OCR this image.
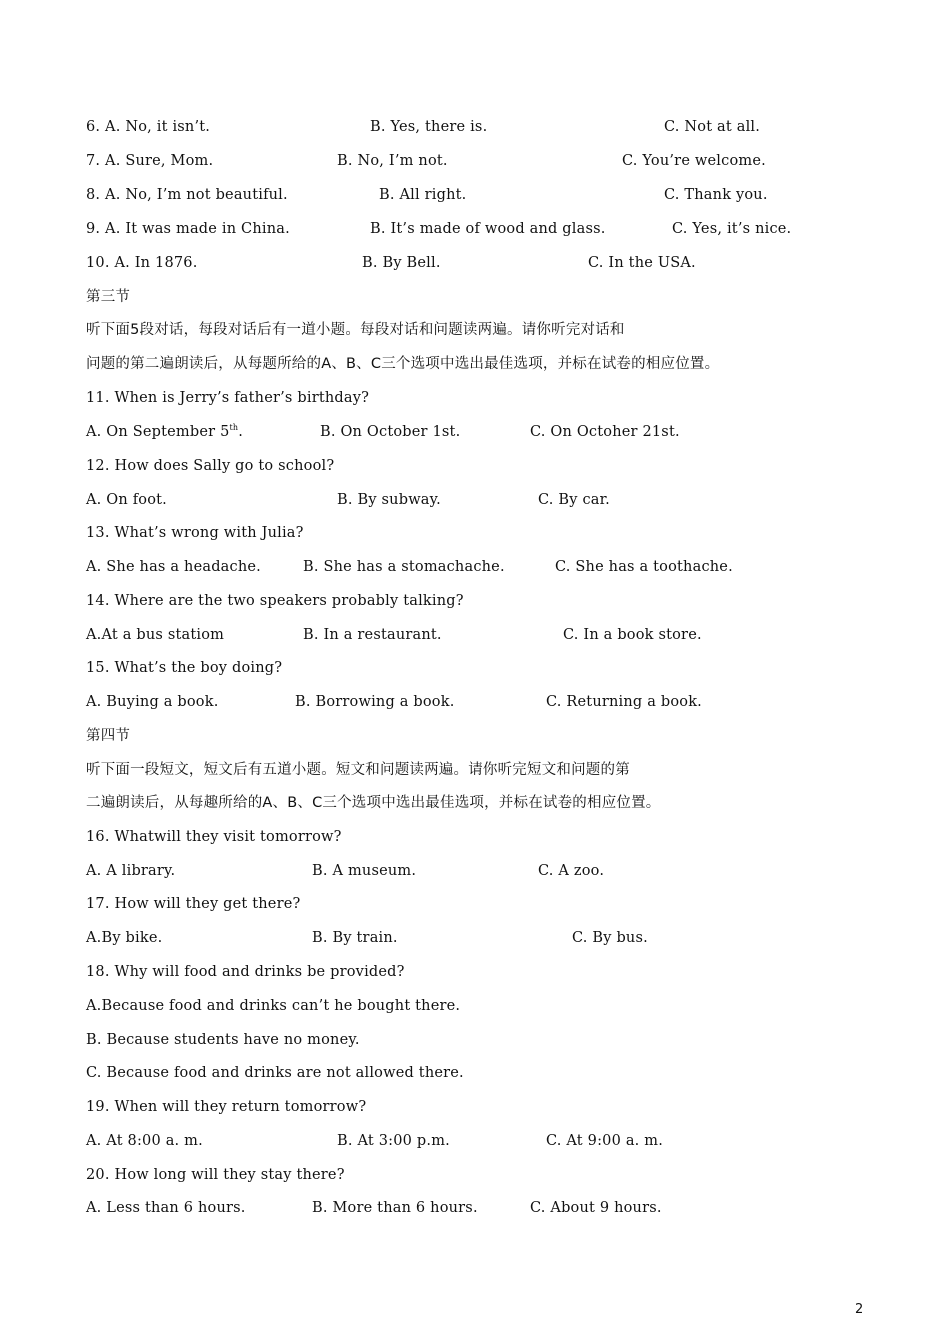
6. A. No, it isn’t.

	B. Yes, there is.

	C. Not at all.

7. A. Sure, Mom.

	B. No, I’m not.

	C. You’re welcome.

8. A. No, I’m not beautiful.

	B. All right.

	C. Thank you.

9. A. It was made in China.

	B. It’s made of wood and glass.

	C. Yes, it’s nice.

10. A. In 1876.

	B. By Bell.

	C. In the USA.

第三节
听下面5段对话，每段对话后有一道小题。每段对话和问题读两遍。请你听完对话和
问题的第二遍朗读后，从每题所给的A、B、C三个选项中选出最佳选项，并标在试卷的相应位置。
11. When is Jerry’s father’s birthday?

A. On September 5th.

	B. On October 1st.

	C. On Octoher 21st.

12. How does Sally go to school?

A. On foot.

	B. By subway.

	C. By car.

13. What’s wrong with Julia?

A. She has a headache.

	B. She has a stomachache.

	C. She has a toothache.

14. Where are the two speakers probably talking?

A.At a bus statiom

	B. In a restaurant.

	C. In a book store.

15. What’s the boy doing?

A. Buying a book.

	B. Borrowing a book.

	C. Returning a book.

第四节
听下面一段短文，短文后有五道小题。短文和问题读两遍。请你听完短文和问题的第
二遍朗读后，从每趣所给的A、B、C三个选项中选出最佳选项，并标在试卷的相应位置。
16. Whatwill they visit tomorrow?

A. A library.

	B. A museum.

	C. A zoo.

17. How will they get there?

A.By bike.

	B. By train.

	C. By bus.

18. Why will food and drinks be provided?
A.Because food and drinks can’t he bought there.
B. Because students have no money.
C. Because food and drinks are not allowed there.
19. When will they return tomorrow?

A. At 8:00 a. m.

	B. At 3:00 p.m.

	C. At 9:00 a. m.

20. How long will they stay there?

A. Less than 6 hours.

	B. More than 6 hours.

	C. About 9 hours.

2
